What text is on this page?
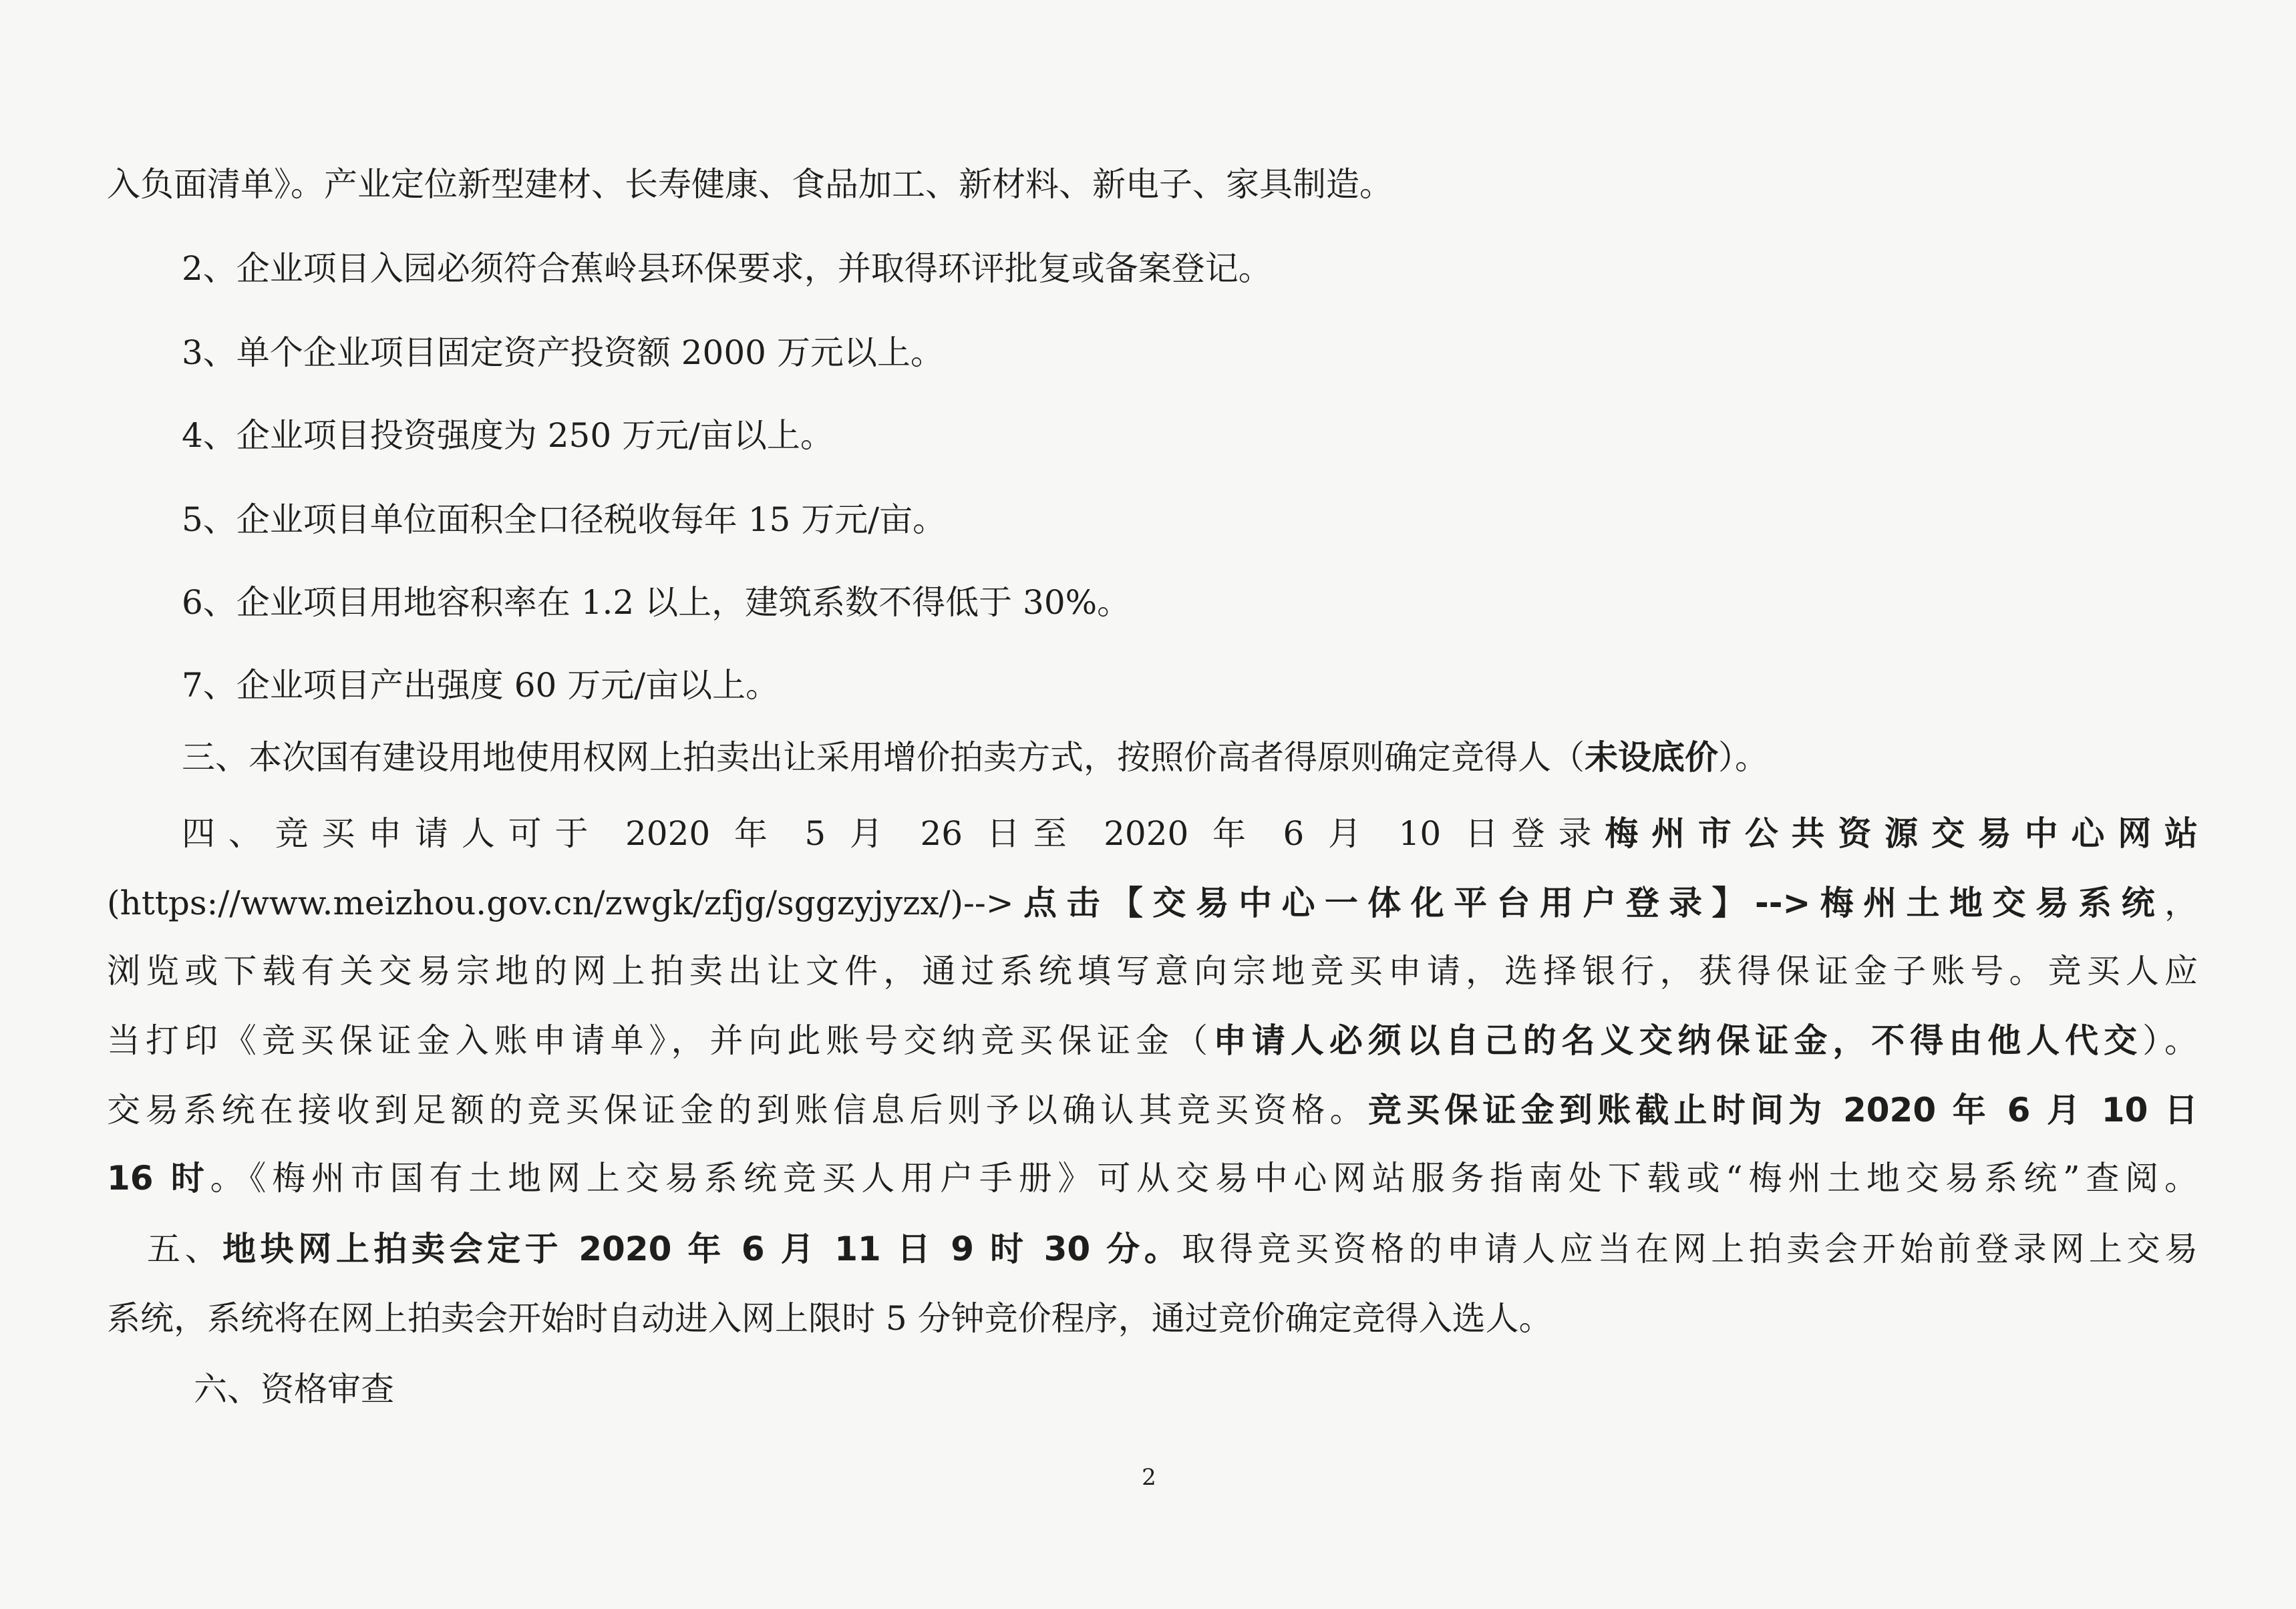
入负面清单》。产业定位新型建材、长寿健康、食品加工、新材料、新电子、家具制造。
2、企业项目入园必须符合蕉岭县环保要求，并取得环评批复或备案登记。
3、单个企业项目固定资产投资额 2000 万元以上。
4、企业项目投资强度为 250 万元/亩以上。
5、企业项目单位面积全口径税收每年 15 万元/亩。
6、企业项目用地容积率在 1.2 以上，建筑系数不得低于 30%。
7、企业项目产出强度 60 万元/亩以上。
三、本次国有建设用地使用权网上拍卖出让采用增价拍卖方式，按照价高者得原则确定竞得人（未设底价）。
四、竞买申请人可于 2020 年 5 月 26 日至 2020 年 6 月 10 日登录梅州市公共资源交易中心网站
(https://www.meizhou.gov.cn/zwgk/zfjg/sggzyjyzx/)-->点击【交易中心一体化平台用户登录】-->梅州土地交易系统，
浏览或下载有关交易宗地的网上拍卖出让文件，通过系统填写意向宗地竞买申请，选择银行，获得保证金子账号。竞买人应
当打印《竞买保证金入账申请单》，并向此账号交纳竞买保证金（申请人必须以自己的名义交纳保证金，不得由他人代交）。
交易系统在接收到足额的竞买保证金的到账信息后则予以确认其竞买资格。竞买保证金到账截止时间为 2020 年 6 月 10 日
16 时。《梅州市国有土地网上交易系统竞买人用户手册》可从交易中心网站服务指南处下载或“梅州土地交易系统”查阅。
五、地块网上拍卖会定于 2020 年 6 月 11 日 9 时 30 分。取得竞买资格的申请人应当在网上拍卖会开始前登录网上交易
系统，系统将在网上拍卖会开始时自动进入网上限时 5 分钟竞价程序，通过竞价确定竞得入选人。
六、资格审查
2
